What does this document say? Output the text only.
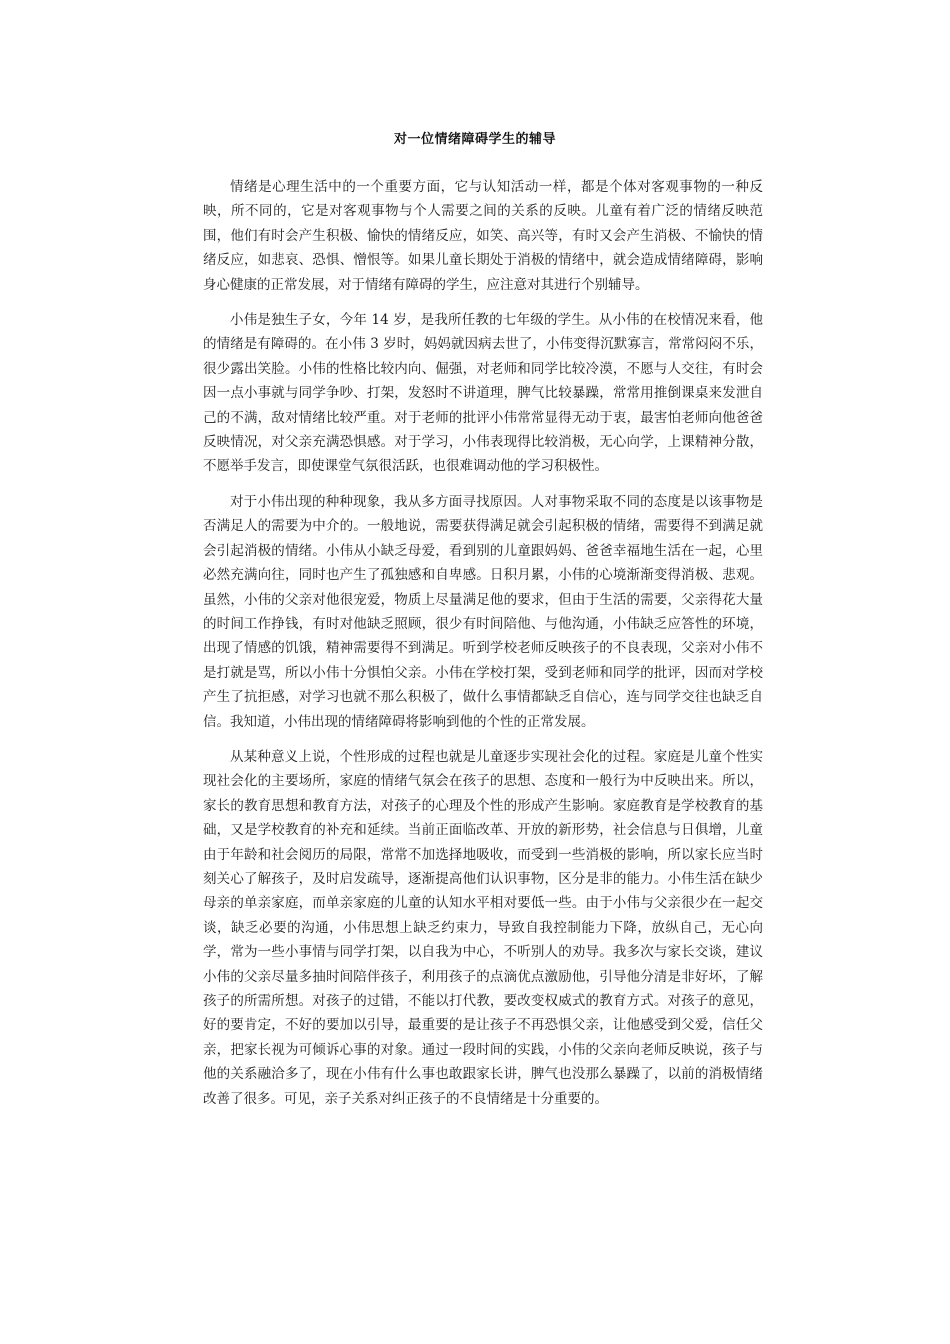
对一位情绪障碍学生的辅导

情绪是心理生活中的一个重要方面，它与认知活动一样，都是个体对客观事物的一种反映，所不同的，它是对客观事物与个人需要之间的关系的反映。儿童有着广泛的情绪反映范围，他们有时会产生积极、愉快的情绪反应，如笑、高兴等，有时又会产生消极、不愉快的情绪反应，如悲哀、恐惧、憎恨等。如果儿童长期处于消极的情绪中，就会造成情绪障碍，影响身心健康的正常发展，对于情绪有障碍的学生，应注意对其进行个别辅导。

小伟是独生子女，今年 14 岁，是我所任教的七年级的学生。从小伟的在校情况来看，他的情绪是有障碍的。在小伟 3 岁时，妈妈就因病去世了，小伟变得沉默寡言，常常闷闷不乐，很少露出笑脸。小伟的性格比较内向、倔强，对老师和同学比较冷漠，不愿与人交往，有时会因一点小事就与同学争吵、打架，发怒时不讲道理，脾气比较暴躁，常常用推倒课桌来发泄自己的不满，敌对情绪比较严重。对于老师的批评小伟常常显得无动于衷，最害怕老师向他爸爸反映情况，对父亲充满恐惧感。对于学习，小伟表现得比较消极，无心向学，上课精神分散，不愿举手发言，即使课堂气氛很活跃，也很难调动他的学习积极性。

对于小伟出现的种种现象，我从多方面寻找原因。人对事物采取不同的态度是以该事物是否满足人的需要为中介的。一般地说，需要获得满足就会引起积极的情绪，需要得不到满足就会引起消极的情绪。小伟从小缺乏母爱，看到别的儿童跟妈妈、爸爸幸福地生活在一起，心里必然充满向往，同时也产生了孤独感和自卑感。日积月累，小伟的心境渐渐变得消极、悲观。虽然，小伟的父亲对他很宠爱，物质上尽量满足他的要求，但由于生活的需要，父亲得花大量的时间工作挣钱，有时对他缺乏照顾，很少有时间陪他、与他沟通，小伟缺乏应答性的环境，出现了情感的饥饿，精神需要得不到满足。听到学校老师反映孩子的不良表现，父亲对小伟不是打就是骂，所以小伟十分惧怕父亲。小伟在学校打架，受到老师和同学的批评，因而对学校产生了抗拒感，对学习也就不那么积极了，做什么事情都缺乏自信心，连与同学交往也缺乏自信。我知道，小伟出现的情绪障碍将影响到他的个性的正常发展。

从某种意义上说，个性形成的过程也就是儿童逐步实现社会化的过程。家庭是儿童个性实现社会化的主要场所，家庭的情绪气氛会在孩子的思想、态度和一般行为中反映出来。所以，家长的教育思想和教育方法，对孩子的心理及个性的形成产生影响。家庭教育是学校教育的基础，又是学校教育的补充和延续。当前正面临改革、开放的新形势，社会信息与日俱增，儿童由于年龄和社会阅历的局限，常常不加选择地吸收，而受到一些消极的影响，所以家长应当时刻关心了解孩子，及时启发疏导，逐渐提高他们认识事物，区分是非的能力。小伟生活在缺少母亲的单亲家庭，而单亲家庭的儿童的认知水平相对要低一些。由于小伟与父亲很少在一起交谈，缺乏必要的沟通，小伟思想上缺乏约束力，导致自我控制能力下降，放纵自己，无心向学，常为一些小事情与同学打架，以自我为中心，不听别人的劝导。我多次与家长交谈，建议小伟的父亲尽量多抽时间陪伴孩子，利用孩子的点滴优点激励他，引导他分清是非好坏，了解孩子的所需所想。对孩子的过错，不能以打代教，要改变权威式的教育方式。对孩子的意见，好的要肯定，不好的要加以引导，最重要的是让孩子不再恐惧父亲，让他感受到父爱，信任父亲，把家长视为可倾诉心事的对象。通过一段时间的实践，小伟的父亲向老师反映说，孩子与他的关系融洽多了，现在小伟有什么事也敢跟家长讲，脾气也没那么暴躁了，以前的消极情绪改善了很多。可见，亲子关系对纠正孩子的不良情绪是十分重要的。
